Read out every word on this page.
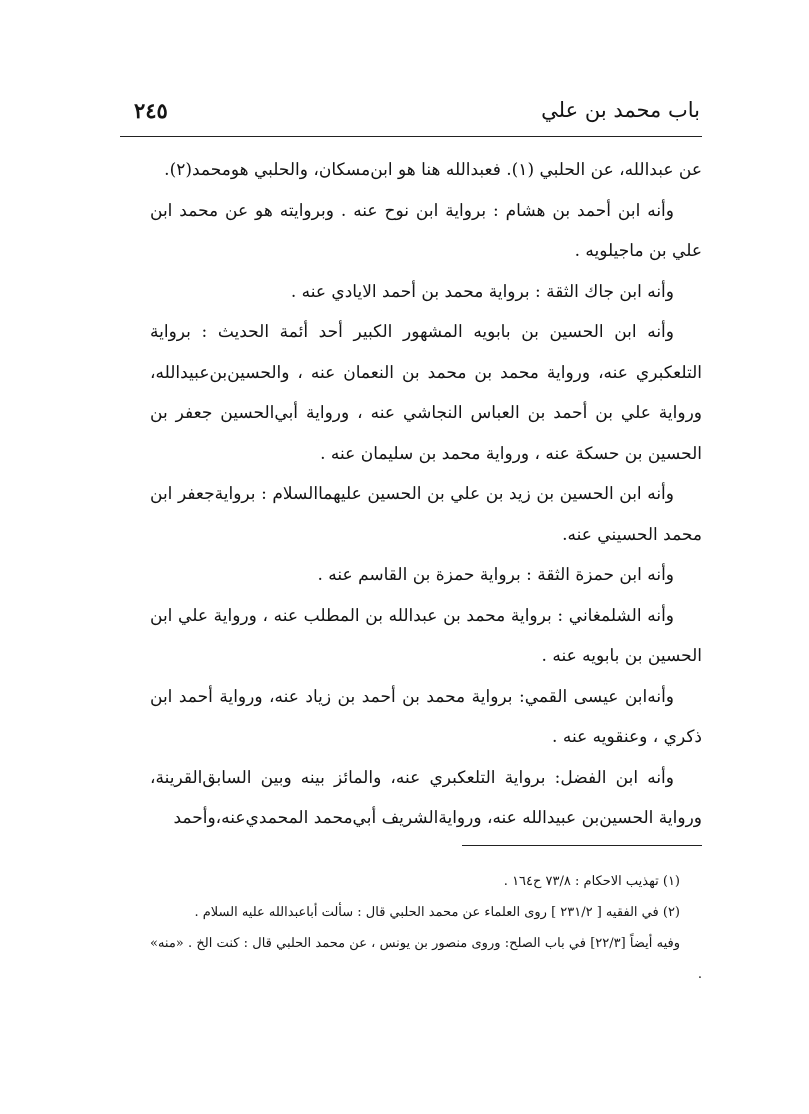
باب محمد بن علي
٢٤٥

عن عبدالله، عن الحلبي (١). فعبدالله هنا هو ابن‌مسكان، والحلبي هومحمد(٢).

وأنه ابن أحمد بن هشام : برواية ابن نوح عنه . وبروايته هو عن محمد ابن علي بن ماجيلويه .

وأنه ابن جاك الثقة : برواية محمد بن أحمد الايادي عنه .

وأنه ابن الحسين بن بابويه المشهور الكبير أحد أئمة الحديث : برواية التلعكبري عنه، ورواية محمد بن محمد بن النعمان عنه ، والحسين‌بن‌عبيدالله، ورواية علي بن أحمد بن العباس النجاشي عنه ، ورواية أبي‌الحسين جعفر بن الحسين بن حسكة عنه ، ورواية محمد بن سليمان عنه .

وأنه ابن الحسين بن زيد بن علي بن الحسين عليهماالسلام : بروايةجعفر ابن محمد الحسيني عنه.

وأنه ابن حمزة الثقة : برواية حمزة بن القاسم عنه .

وأنه الشلمغاني : برواية محمد بن عبدالله بن المطلب عنه ، ورواية علي ابن الحسين بن بابويه عنه .

وأنه‌ابن عيسى القمي: برواية محمد بن أحمد بن زياد عنه، ورواية أحمد ابن ذكري ، وعنقويه عنه .

وأنه ابن الفضل: برواية التلعكبري عنه، والمائز بينه وبين السابق‌القرينة، ورواية الحسين‌بن عبيدالله عنه، وروايةالشريف أبي‌محمد المحمدي‌عنه،وأحمد

(١) تهذيب الاحكام : ٧٣/٨ ح١٦٤ .

(٢) في الفقيه [ ٢٣١/٢ ] روى العلماء عن محمد الحلبي قال : سألت أباعبدالله عليه السلام .

وفيه أيضاً [٢٢/٣] في باب الصلح: وروى منصور بن يونس ، عن محمد الحلبي قال : كنت الخ . «منه» .
